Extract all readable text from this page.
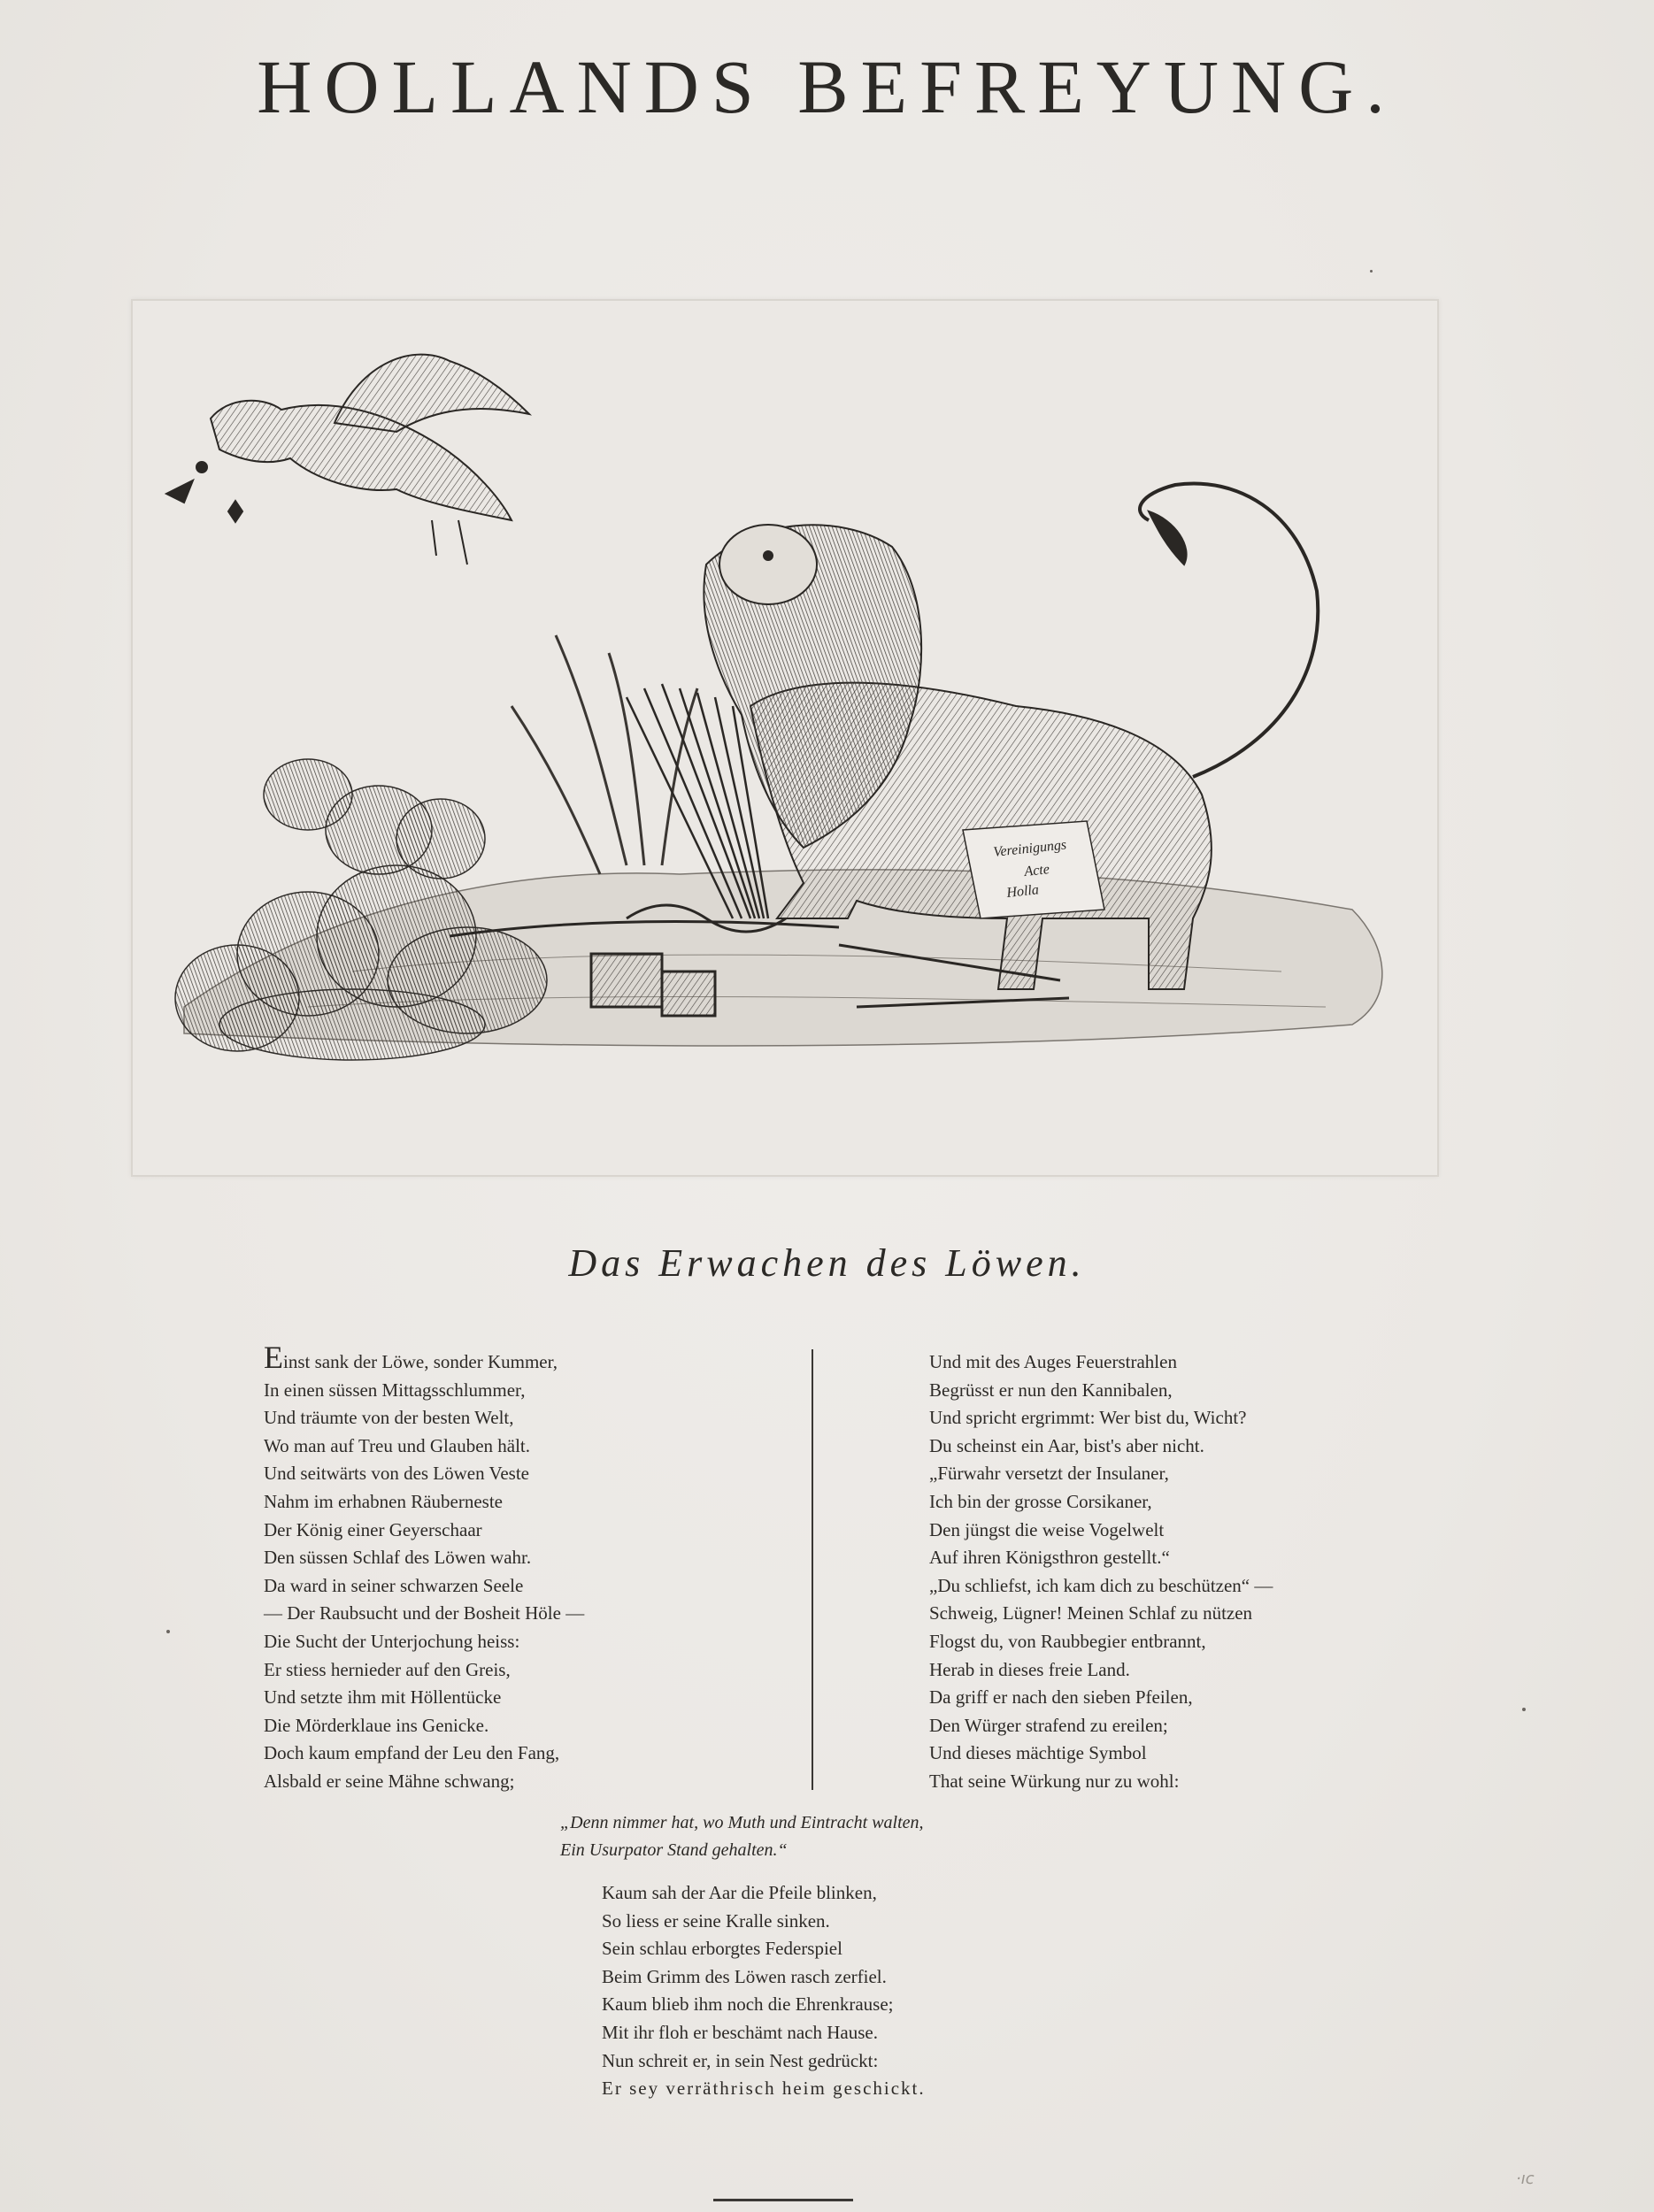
HOLLANDS BEFREYUNG.
Vereinigungs
Acte
Holla
Das Erwachen des Löwen.
Einst sank der Löwe, sonder Kummer,
In einen süssen Mittagsschlummer,
Und träumte von der besten Welt,
Wo man auf Treu und Glauben hält.
Und seitwärts von des Löwen Veste
Nahm im erhabnen Räuberneste
Der König einer Geyerschaar
Den süssen Schlaf des Löwen wahr.
Da ward in seiner schwarzen Seele
— Der Raubsucht und der Bosheit Höle —
Die Sucht der Unterjochung heiss:
Er stiess hernieder auf den Greis,
Und setzte ihm mit Höllentücke
Die Mörderklaue ins Genicke.
Doch kaum empfand der Leu den Fang,
Alsbald er seine Mähne schwang;
Und mit des Auges Feuerstrahlen
Begrüsst er nun den Kannibalen,
Und spricht ergrimmt: Wer bist du, Wicht?
Du scheinst ein Aar, bist's aber nicht.
„Fürwahr versetzt der Insulaner,
Ich bin der grosse Corsikaner,
Den jüngst die weise Vogelwelt
Auf ihren Königsthron gestellt.“
„Du schliefst, ich kam dich zu beschützen“ —
Schweig, Lügner! Meinen Schlaf zu nützen
Flogst du, von Raubbegier entbrannt,
Herab in dieses freie Land.
Da griff er nach den sieben Pfeilen,
Den Würger strafend zu ereilen;
Und dieses mächtige Symbol
That seine Würkung nur zu wohl:
„Denn nimmer hat, wo Muth und Eintracht walten,
Ein Usurpator Stand gehalten.“
Kaum sah der Aar die Pfeile blinken,
So liess er seine Kralle sinken.
Sein schlau erborgtes Federspiel
Beim Grimm des Löwen rasch zerfiel.
Kaum blieb ihm noch die Ehrenkrause;
Mit ihr floh er beschämt nach Hause.
Nun schreit er, in sein Nest gedrückt:
Er sey verräthrisch heim geschickt.
·ıc
